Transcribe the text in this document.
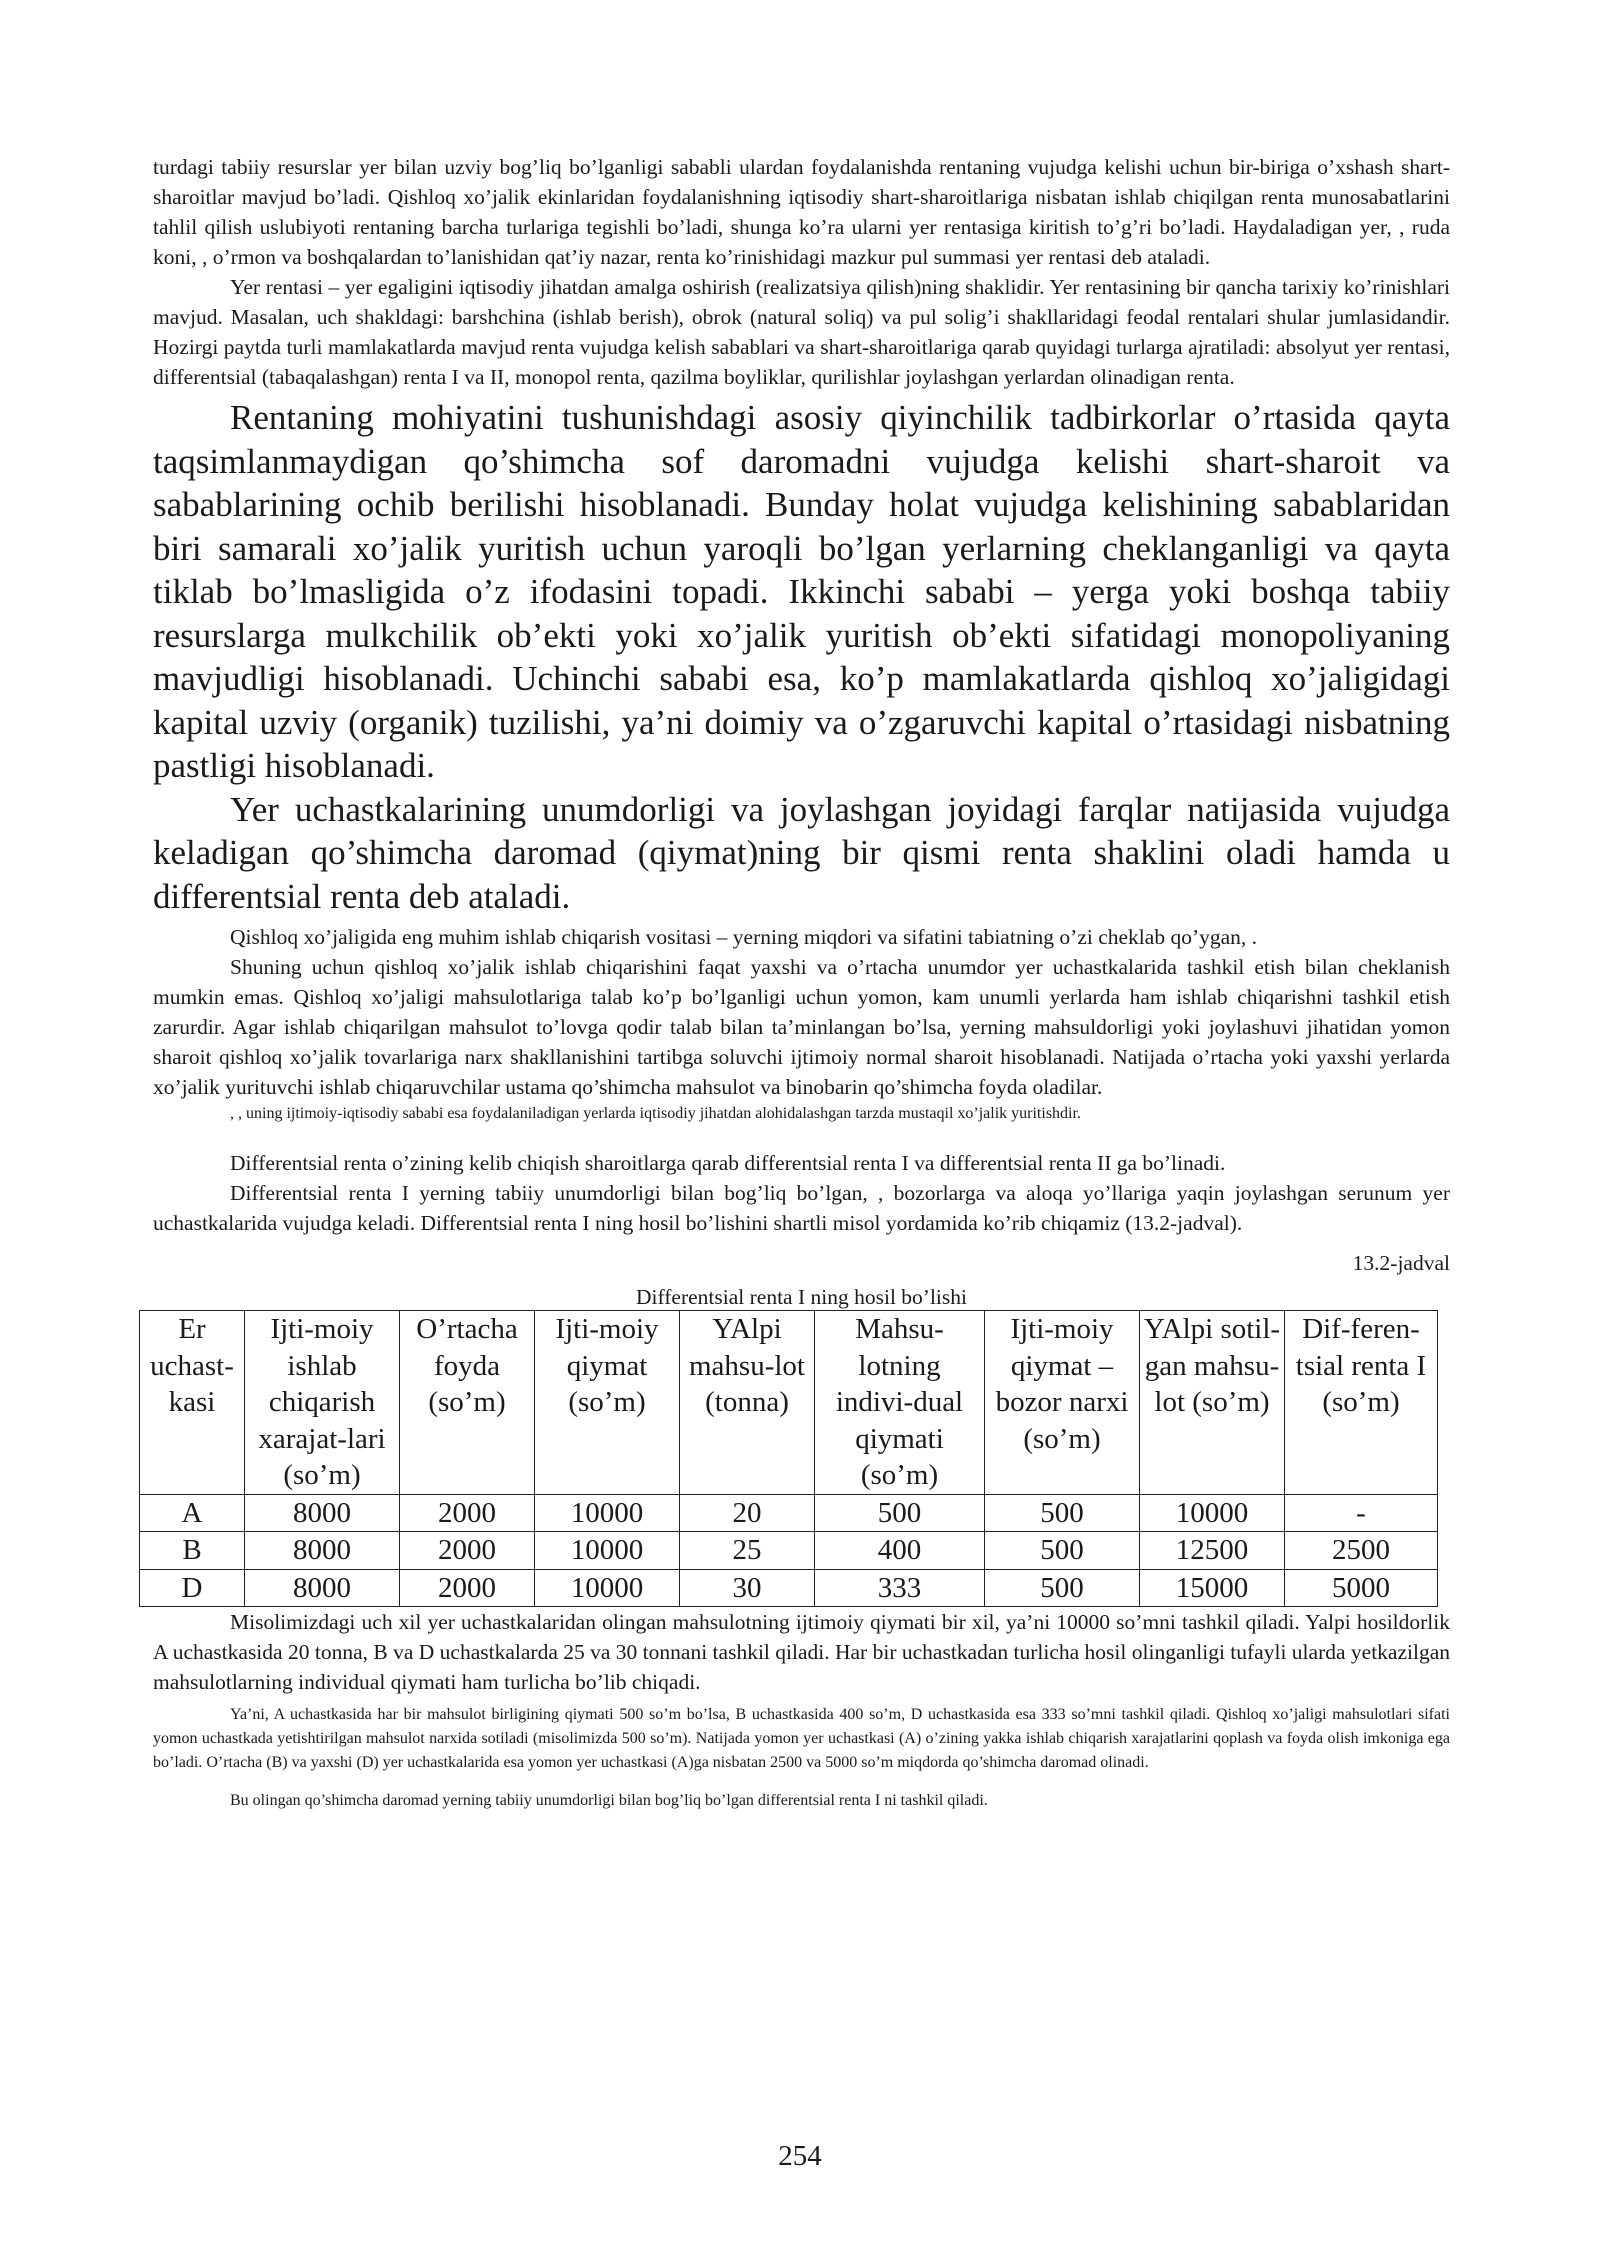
turdagi tabiiy resurslar yer bilan uzviy bog’liq bo’lganligi sababli ulardan foydalanishda rentaning vujudga kelishi uchun bir-biriga o’xshash shart-sharoitlar mavjud bo’ladi. Qishloq xo’jalik ekinlaridan foydalanishning iqtisodiy shart-sharoitlariga nisbatan ishlab chiqilgan renta munosabatlarini tahlil qilish uslubiyoti rentaning barcha turlariga tegishli bo’ladi, shunga ko’ra ularni yer rentasiga kiritish to’g’ri bo’ladi. Haydaladigan yer, , ruda koni, , o’rmon va boshqalardan to’lanishidan qat’iy nazar, renta ko’rinishidagi mazkur pul summasi yer rentasi deb ataladi.

Yer rentasi – yer egaligini iqtisodiy jihatdan amalga oshirish (realizatsiya qilish)ning shaklidir. Yer rentasining bir qancha tarixiy ko’rinishlari mavjud. Masalan, uch shakldagi: barshchina (ishlab berish), obrok (natural soliq) va pul solig’i shakllaridagi feodal rentalari shular jumlasidandir. Hozirgi paytda turli mamlakatlarda mavjud renta vujudga kelish sabablari va shart-sharoitlariga qarab quyidagi turlarga ajratiladi: absolyut yer rentasi, differentsial (tabaqalashgan) renta I va II, monopol renta, qazilma boyliklar, qurilishlar joylashgan yerlardan olinadigan renta.

Rentaning mohiyatini tushunishdagi asosiy qiyinchilik tadbirkorlar o’rtasida qayta taqsimlanmaydigan qo’shimcha sof daromadni vujudga kelishi shart-sharoit va sabablarining ochib berilishi hisoblanadi. Bunday holat vujudga kelishining sabablaridan biri samarali xo’jalik yuritish uchun yaroqli bo’lgan yerlarning cheklanganligi va qayta tiklab bo’lmasligida o’z ifodasini topadi. Ikkinchi sababi – yerga yoki boshqa tabiiy resurslarga mulkchilik ob’ekti yoki xo’jalik yuritish ob’ekti sifatidagi monopoliyaning mavjudligi hisoblanadi. Uchinchi sababi esa, ko’p mamlakatlarda qishloq xo’jaligidagi kapital uzviy (organik) tuzilishi, ya’ni doimiy va o’zgaruvchi kapital o’rtasidagi nisbatning pastligi hisoblanadi.

Yer uchastkalarining unumdorligi va joylashgan joyidagi farqlar natijasida vujudga keladigan qo’shimcha daromad (qiymat)ning bir qismi renta shaklini oladi hamda u differentsial renta deb ataladi.

Qishloq xo’jaligida eng muhim ishlab chiqarish vositasi – yerning miqdori va sifatini tabiatning o’zi cheklab qo’ygan, .

Shuning uchun qishloq xo’jalik ishlab chiqarishini faqat yaxshi va o’rtacha unumdor yer uchastkalarida tashkil etish bilan cheklanish mumkin emas. Qishloq xo’jaligi mahsulotlariga talab ko’p bo’lganligi uchun yomon, kam unumli yerlarda ham ishlab chiqarishni tashkil etish zarurdir. Agar ishlab chiqarilgan mahsulot to’lovga qodir talab bilan ta’minlangan bo’lsa, yerning mahsuldorligi yoki joylashuvi jihatidan yomon sharoit qishloq xo’jalik tovarlariga narx shakllanishini tartibga soluvchi ijtimoiy normal sharoit hisoblanadi. Natijada o’rtacha yoki yaxshi yerlarda xo’jalik yurituvchi ishlab chiqaruvchilar ustama qo’shimcha mahsulot va binobarin qo’shimcha foyda oladilar.

, , uning ijtimoiy-iqtisodiy sababi esa foydalaniladigan yerlarda iqtisodiy jihatdan alohidalashgan tarzda mustaqil xo’jalik yuritishdir.

Differentsial renta o’zining kelib chiqish sharoitlarga qarab differentsial renta I va differentsial renta II ga bo’linadi.

Differentsial renta I yerning tabiiy unumdorligi bilan bog’liq bo’lgan, , bozorlarga va aloqa yo’llariga yaqin joylashgan serunum yer uchastkalarida vujudga keladi. Differentsial renta I ning hosil bo’lishini shartli misol yordamida ko’rib chiqamiz (13.2-jadval).

13.2-jadval
Differentsial renta I ning hosil bo’lishi
Er uchast-kasi	Ijti-moiy ishlab chiqarish xarajat-lari (so’m)	O’rtacha foyda (so’m)	Ijti-moiy qiymat (so’m)	YAlpi mahsu-lot (tonna)	Mahsu-lotning indivi-dual qiymati (so’m)	Ijti-moiy qiymat – bozor narxi (so’m)	YAlpi sotil-gan mahsu-lot (so’m)	Dif-feren-tsial renta I (so’m)
A	8000	2000	10000	20	500	500	10000	-
B	8000	2000	10000	25	400	500	12500	2500
D	8000	2000	10000	30	333	500	15000	5000

Misolimizdagi uch xil yer uchastkalaridan olingan mahsulotning ijtimoiy qiymati bir xil, ya’ni 10000 so’mni tashkil qiladi. Yalpi hosildorlik A uchastkasida 20 tonna, B va D uchastkalarda 25 va 30 tonnani tashkil qiladi. Har bir uchastkadan turlicha hosil olinganligi tufayli ularda yetkazilgan mahsulotlarning individual qiymati ham turlicha bo’lib chiqadi.

Ya’ni, A uchastkasida har bir mahsulot birligining qiymati 500 so’m bo’lsa, B uchastkasida 400 so’m, D uchastkasida esa 333 so’mni tashkil qiladi. Qishloq xo’jaligi mahsulotlari sifati yomon uchastkada yetishtirilgan mahsulot narxida sotiladi (misolimizda 500 so’m). Natijada yomon yer uchastkasi (A) o’zining yakka ishlab chiqarish xarajatlarini qoplash va foyda olish imkoniga ega bo’ladi. O’rtacha (B) va yaxshi (D) yer uchastkalarida esa yomon yer uchastkasi (A)ga nisbatan 2500 va 5000 so’m miqdorda qo’shimcha daromad olinadi.

Bu olingan qo’shimcha daromad yerning tabiiy unumdorligi bilan bog’liq bo’lgan differentsial renta I ni tashkil qiladi.

254
